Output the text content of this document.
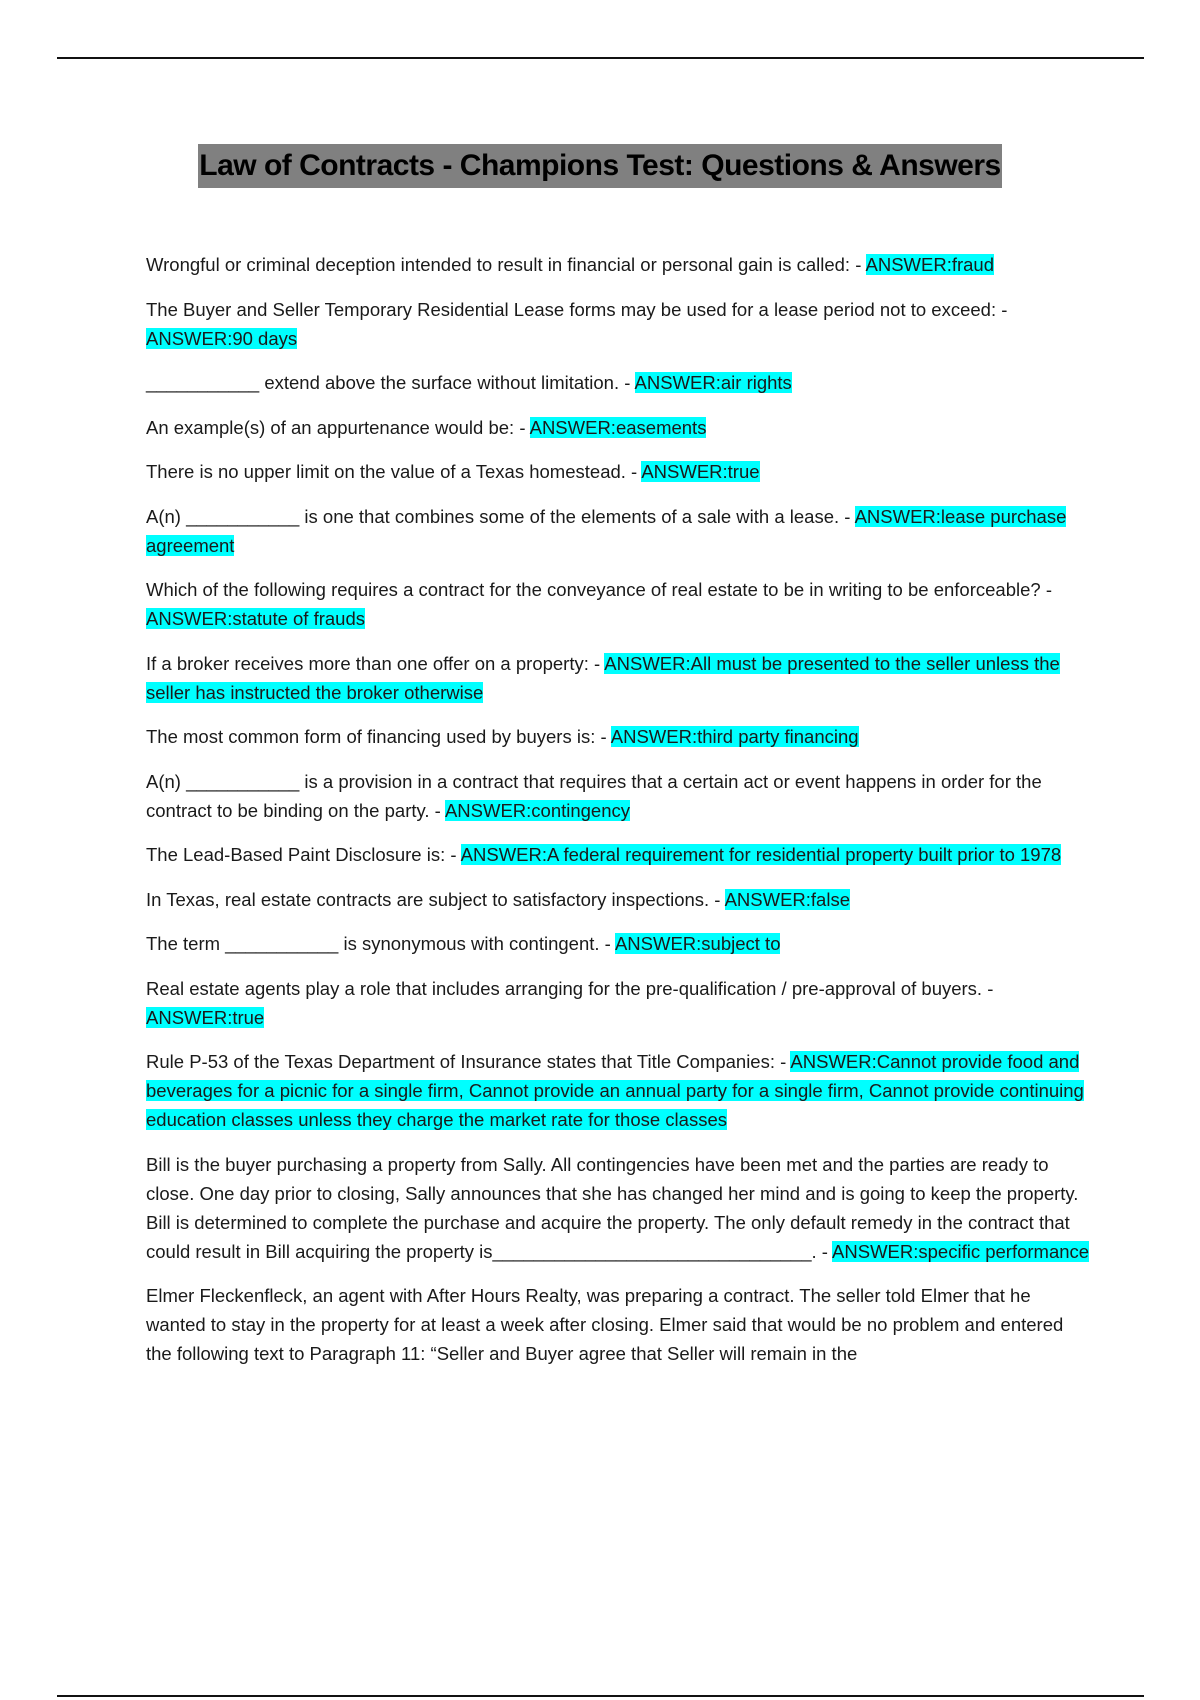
Law of Contracts - Champions Test: Questions & Answers

Wrongful or criminal deception intended to result in financial or personal gain is called: - ANSWER:fraud

The Buyer and Seller Temporary Residential Lease forms may be used for a lease period not to exceed: - ANSWER:90 days

___________ extend above the surface without limitation. - ANSWER:air rights

An example(s) of an appurtenance would be: - ANSWER:easements

There is no upper limit on the value of a Texas homestead. - ANSWER:true

A(n) ___________ is one that combines some of the elements of a sale with a lease. - ANSWER:lease purchase agreement

Which of the following requires a contract for the conveyance of real estate to be in writing to be enforceable? - ANSWER:statute of frauds

If a broker receives more than one offer on a property: - ANSWER:All must be presented to the seller unless the seller has instructed the broker otherwise

The most common form of financing used by buyers is: - ANSWER:third party financing

A(n) ___________ is a provision in a contract that requires that a certain act or event happens in order for the contract to be binding on the party. - ANSWER:contingency

The Lead-Based Paint Disclosure is: - ANSWER:A federal requirement for residential property built prior to 1978

In Texas, real estate contracts are subject to satisfactory inspections. - ANSWER:false

The term ___________ is synonymous with contingent. - ANSWER:subject to

Real estate agents play a role that includes arranging for the pre-qualification / pre-approval of buyers. - ANSWER:true

Rule P-53 of the Texas Department of Insurance states that Title Companies: - ANSWER:Cannot provide food and beverages for a picnic for a single firm, Cannot provide an annual party for a single firm, Cannot provide continuing education classes unless they charge the market rate for those classes

Bill is the buyer purchasing a property from Sally. All contingencies have been met and the parties are ready to close. One day prior to closing, Sally announces that she has changed her mind and is going to keep the property. Bill is determined to complete the purchase and acquire the property. The only default remedy in the contract that could result in Bill acquiring the property is_______________________________. - ANSWER:specific performance

Elmer Fleckenfleck, an agent with After Hours Realty, was preparing a contract. The seller told Elmer that he wanted to stay in the property for at least a week after closing. Elmer said that would be no problem and entered the following text to Paragraph 11: “Seller and Buyer agree that Seller will remain in the
